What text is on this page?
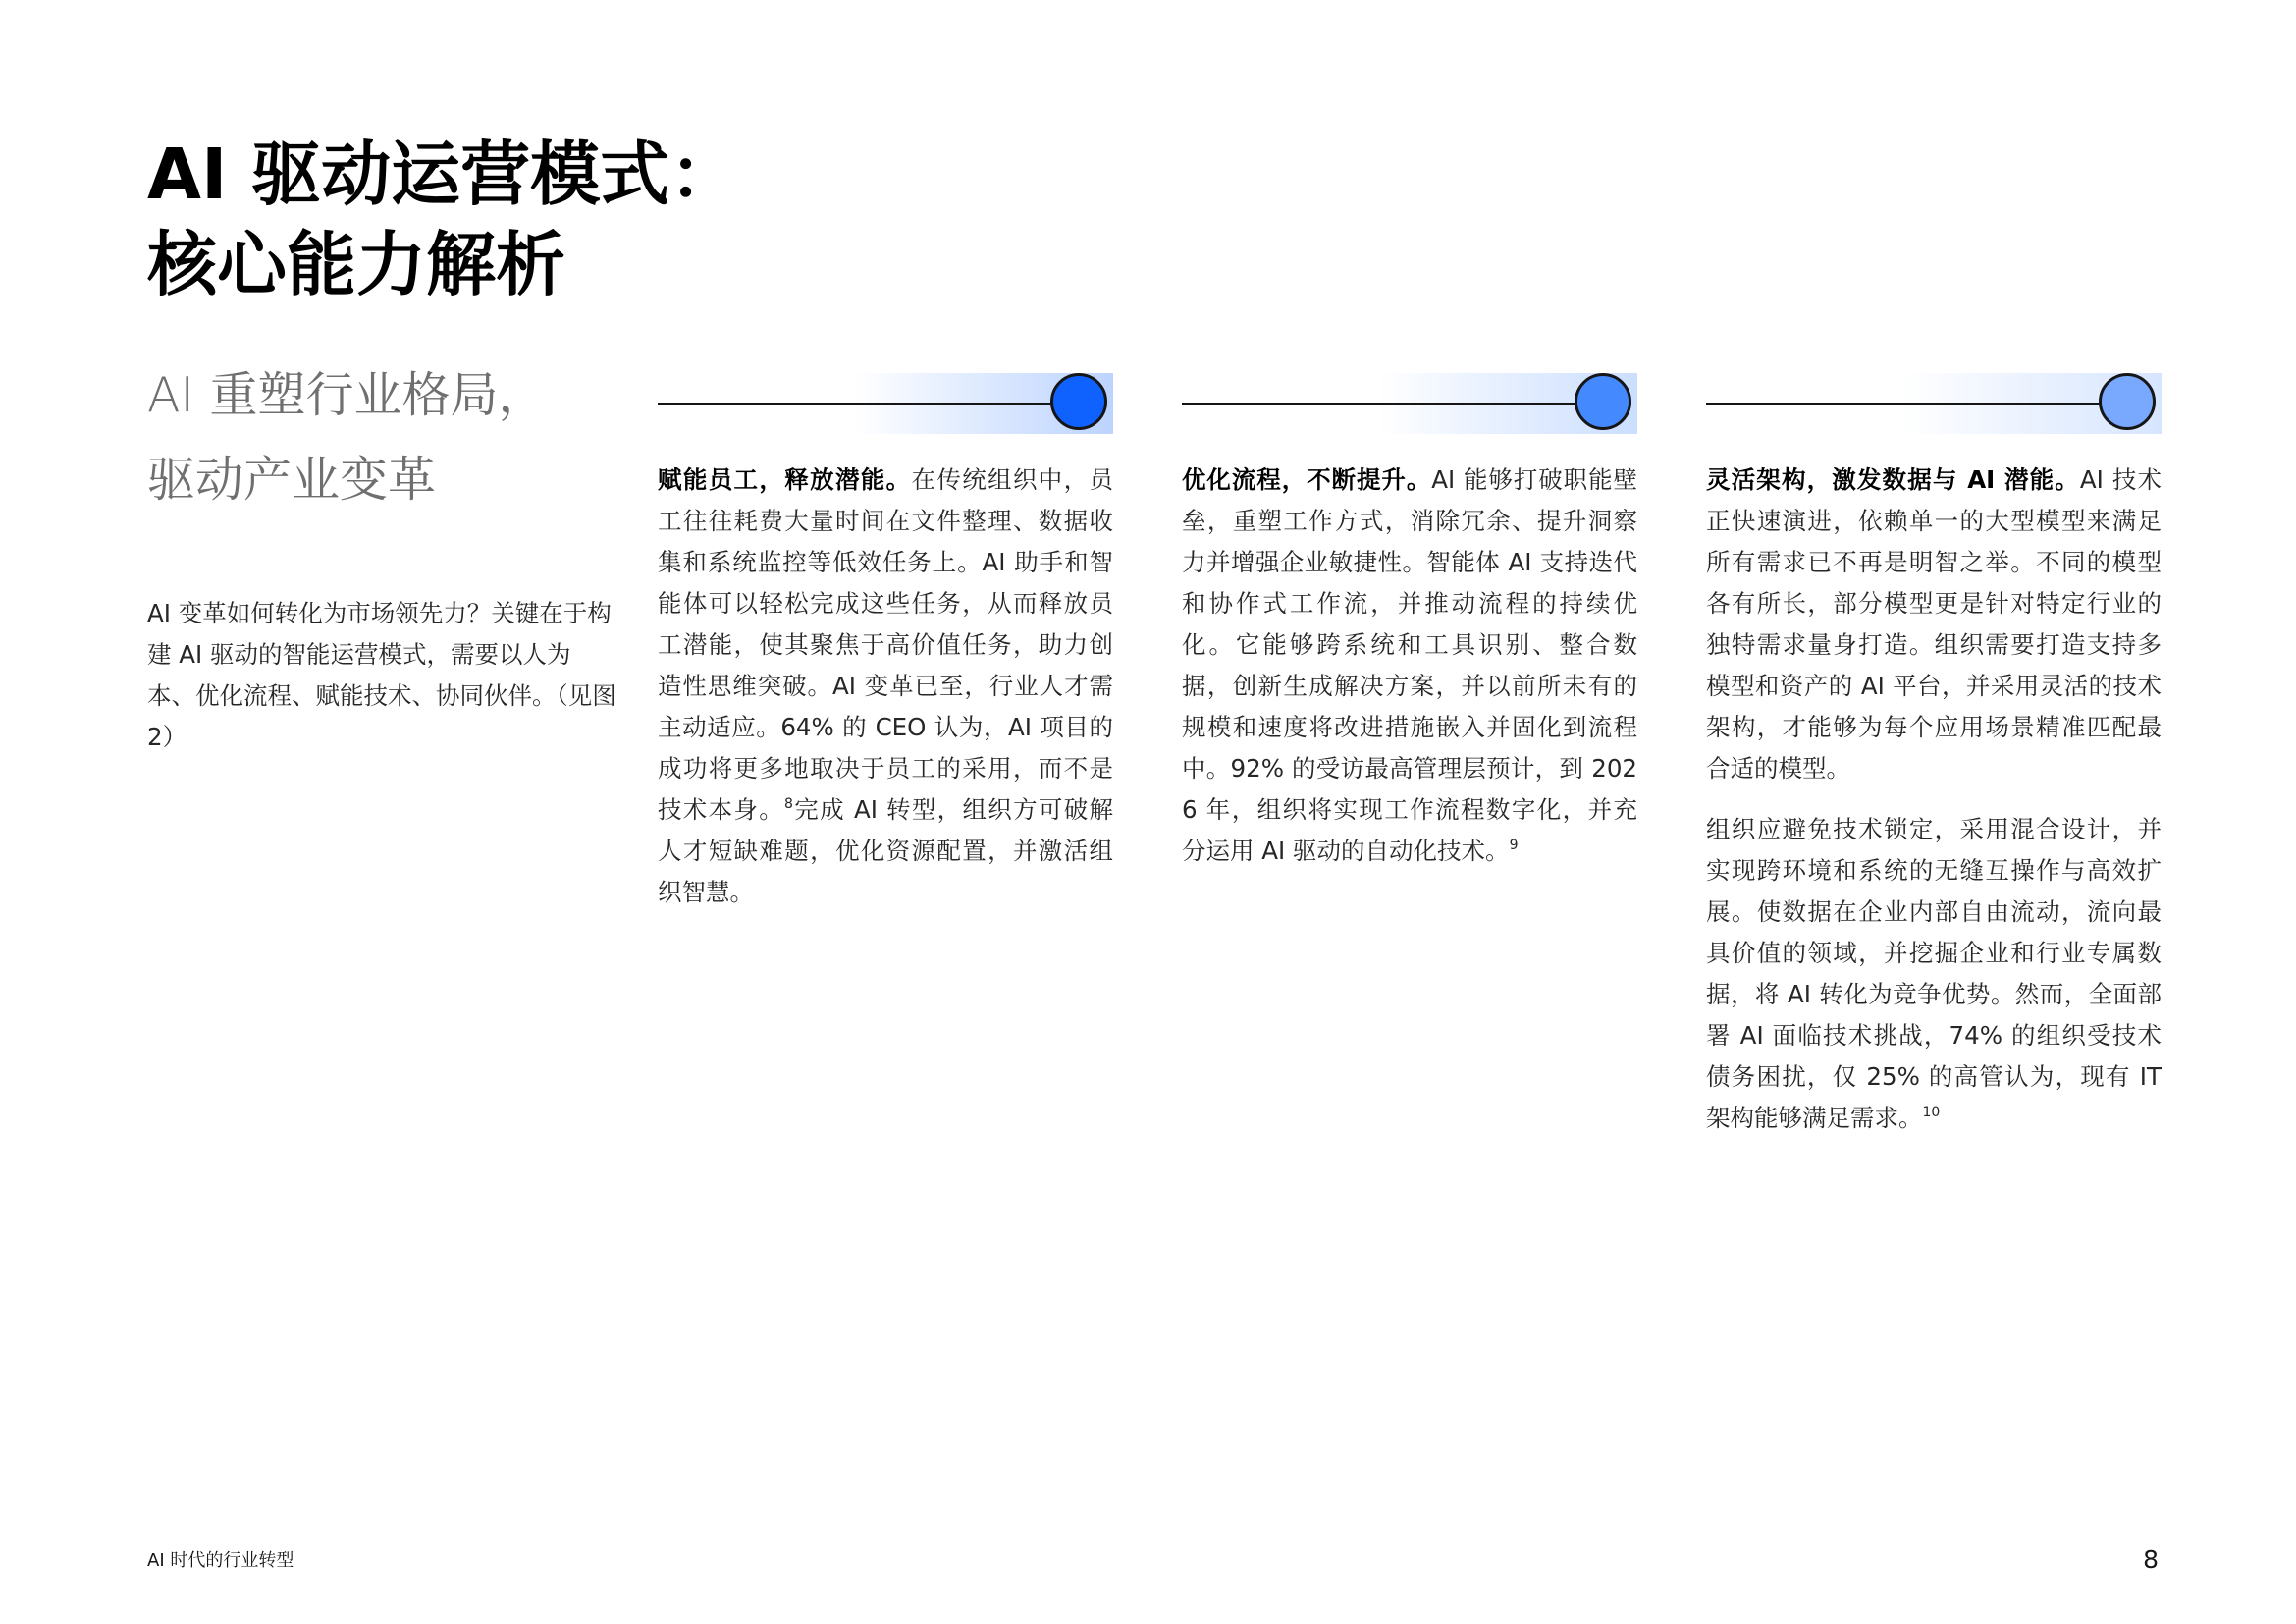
AI 驱动运营模式：
核心能力解析
AI 重塑行业格局，
驱动产业变革

AI 变革如何转化为市场领先力？关键在于构建 AI 驱动的智能运营模式，需要以人为本、优化流程、赋能技术、协同伙伴。（见图 2）

赋能员工，释放潜能。在传统组织中，员工往往耗费大量时间在文件整理、数据收集和系统监控等低效任务上。AI 助手和智能体可以轻松完成这些任务，从而释放员工潜能，使其聚焦于高价值任务，助力创造性思维突破。AI 变革已至，行业人才需主动适应。64% 的 CEO 认为，AI 项目的成功将更多地取决于员工的采用，而不是技术本身。$^8$完成 AI 转型，组织方可破解人才短缺难题，优化资源配置，并激活组织智慧。

优化流程，不断提升。AI 能够打破职能壁垒，重塑工作方式，消除冗余、提升洞察力并增强企业敏捷性。智能体 AI 支持迭代和协作式工作流，并推动流程的持续优化。它能够跨系统和工具识别、整合数据，创新生成解决方案，并以前所未有的规模和速度将改进措施嵌入并固化到流程中。92% 的受访最高管理层预计，到 2026 年，组织将实现工作流程数字化，并充分运用 AI 驱动的自动化技术。$^9$

灵活架构，激发数据与 AI 潜能。AI 技术正快速演进，依赖单一的大型模型来满足所有需求已不再是明智之举。不同的模型各有所长，部分模型更是针对特定行业的独特需求量身打造。组织需要打造支持多模型和资产的 AI 平台，并采用灵活的技术架构，才能够为每个应用场景精准匹配最合适的模型。

组织应避免技术锁定，采用混合设计，并实现跨环境和系统的无缝互操作与高效扩展。使数据在企业内部自由流动，流向最具价值的领域，并挖掘企业和行业专属数据，将 AI 转化为竞争优势。然而，全面部署 AI 面临技术挑战，74% 的组织受技术债务困扰，仅 25% 的高管认为，现有 IT 架构能够满足需求。$^{10}$

AI 时代的行业转型	8
